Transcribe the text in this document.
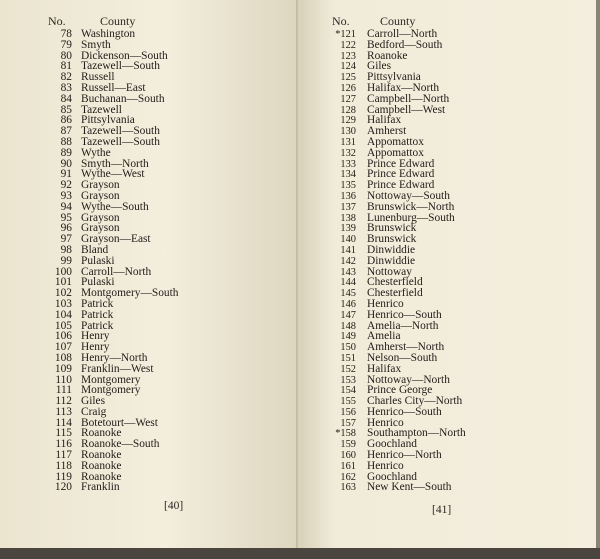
No.	County
78 Washington
79 Smyth
80 Dickenson—South
81 Tazewell—South
82 Russell
83 Russell—East
84 Buchanan—South
85 Tazewell
86 Pittsylvania
87 Tazewell—South
88 Tazewell—South
89 Wythe
90 Smyth—North
91 Wythe—West
92 Grayson
93 Grayson
94 Wythe—South
95 Grayson
96 Grayson
97 Grayson—East
98 Bland
99 Pulaski
100 Carroll—North
101 Pulaski
102 Montgomery—South
103 Patrick
104 Patrick
105 Patrick
106 Henry
107 Henry
108 Henry—North
109 Franklin—West
110 Montgomery
111 Montgomery
112 Giles
113 Craig
114 Botetourt—West
115 Roanoke
116 Roanoke—South
117 Roanoke
118 Roanoke
119 Roanoke
120 Franklin
[40]
No.	County
*121 Carroll—North
122 Bedford—South
123 Roanoke
124 Giles
125 Pittsylvania
126 Halifax—North
127 Campbell—North
128 Campbell—West
129 Halifax
130 Amherst
131 Appomattox
132 Appomattox
133 Prince Edward
134 Prince Edward
135 Prince Edward
136 Nottoway—South
137 Brunswick—North
138 Lunenburg—South
139 Brunswick
140 Brunswick
141 Dinwiddie
142 Dinwiddie
143 Nottoway
144 Chesterfield
145 Chesterfield
146 Henrico
147 Henrico—South
148 Amelia—North
149 Amelia
150 Amherst—North
151 Nelson—South
152 Halifax
153 Nottoway—North
154 Prince George
155 Charles City—North
156 Henrico—South
157 Henrico
*158 Southampton—North
159 Goochland
160 Henrico—North
161 Henrico
162 Goochland
163 New Kent—South
[41]
